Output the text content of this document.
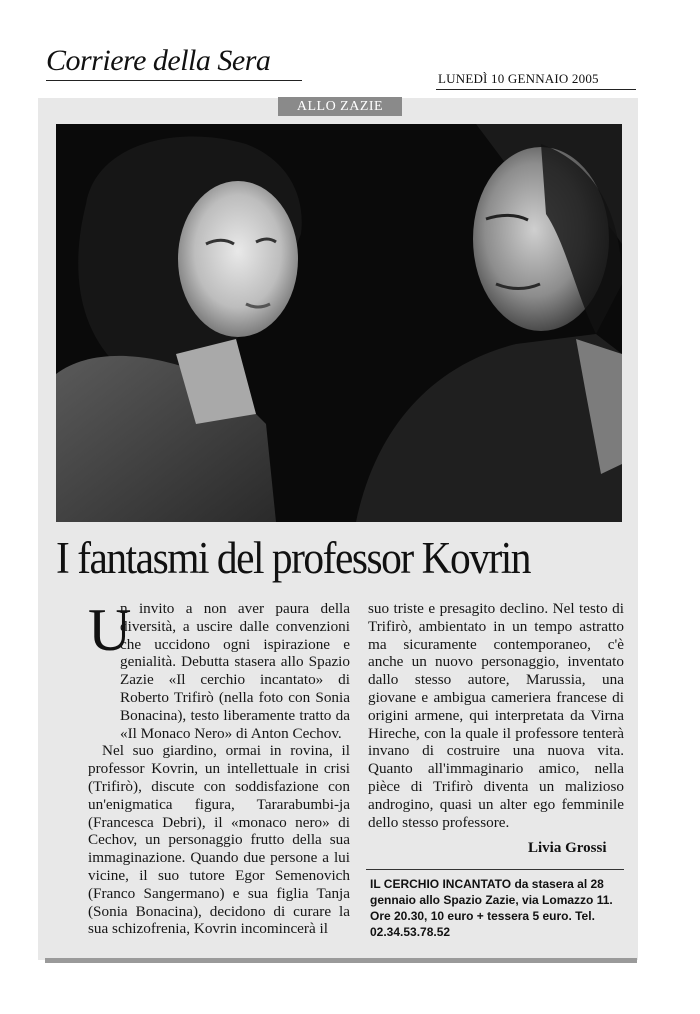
Corriere della Sera
LUNEDÌ 10 GENNAIO 2005
ALLO ZAZIE
I fantasmi del professor Kovrin
U
n invito a non aver paura della diversità, a uscire dalle convenzioni che uccidono ogni ispirazione e genialità. Debutta stasera allo Spazio Zazie «Il cerchio incantato» di Roberto Trifirò (nella foto con Sonia Bonacina), testo liberamente tratto da «Il Monaco Nero» di Anton Cechov.
Nel suo giardino, ormai in rovina, il professor Kovrin, un intellettuale in crisi (Trifirò), discute con soddisfazione con un'enigmatica figura, Tararabumbi-ja (Francesca Debri), il «monaco nero» di Cechov, un personaggio frutto della sua immaginazione. Quando due persone a lui vicine, il suo tutore Egor Semenovich (Franco Sangermano) e sua figlia Tanja (Sonia Bonacina), decidono di curare la sua schizofrenia, Kovrin incomincerà il
suo triste e presagito declino. Nel testo di Trifirò, ambientato in un tempo astratto ma sicuramente contemporaneo, c'è anche un nuovo personaggio, inventato dallo stesso autore, Marussia, una giovane e ambigua cameriera francese di origini armene, qui interpretata da Virna Hireche, con la quale il professore tenterà invano di costruire una nuova vita. Quanto all'immaginario amico, nella pièce di Trifirò diventa un malizioso androgino, quasi un alter ego femminile dello stesso professore.
Livia Grossi
IL CERCHIO INCANTATO da stasera al 28 gennaio allo Spazio Zazie, via Lomazzo 11. Ore 20.30, 10 euro + tessera 5 euro. Tel. 02.34.53.78.52
